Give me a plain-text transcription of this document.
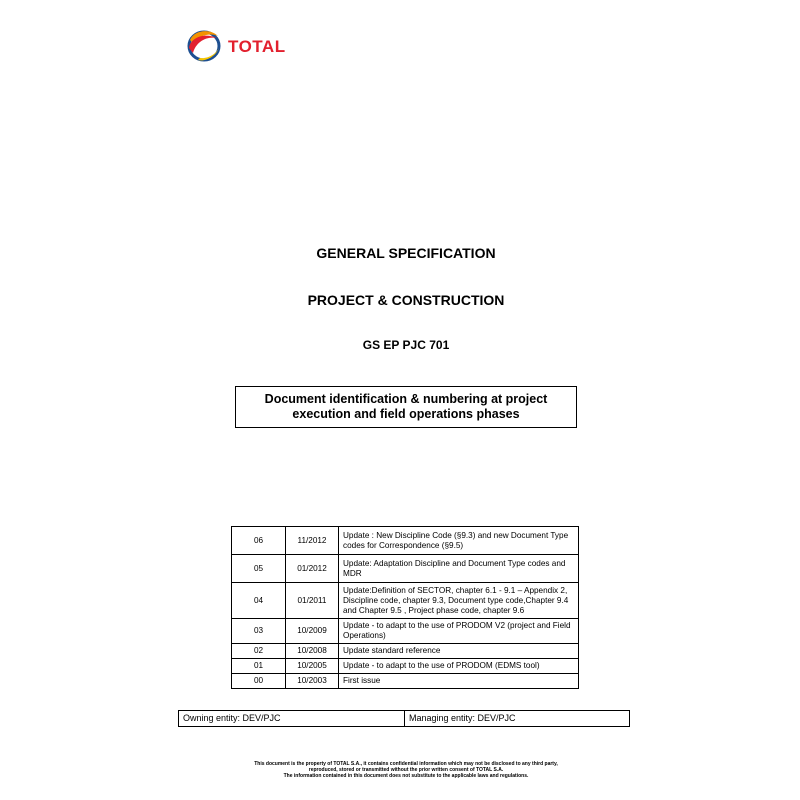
TOTAL
GENERAL SPECIFICATION
PROJECT & CONSTRUCTION
GS EP PJC 701
Document identification & numbering at project
execution and field operations phases
06	11/2012	Update : New Discipline Code (§9.3) and new Document Type codes for Correspondence (§9.5)
05	01/2012	Update: Adaptation Discipline and Document Type codes and MDR
04	01/2011	Update:Definition of SECTOR, chapter 6.1 - 9.1 – Appendix 2, Discipline code, chapter 9.3, Document type code,Chapter 9.4 and Chapter 9.5 , Project phase code, chapter 9.6
03	10/2009	Update - to adapt to the use of PRODOM V2 (project and Field Operations)
02	10/2008	Update standard reference
01	10/2005	Update - to adapt to the use of PRODOM (EDMS tool)
00	10/2003	First issue
Owning entity: DEV/PJC	Managing entity: DEV/PJC
This document is the property of TOTAL S.A., it contains confidential information which may not be disclosed to any third party,
reproduced, stored or transmitted without the prior written consent of TOTAL S.A.
The information contained in this document does not substitute to the applicable laws and regulations.
